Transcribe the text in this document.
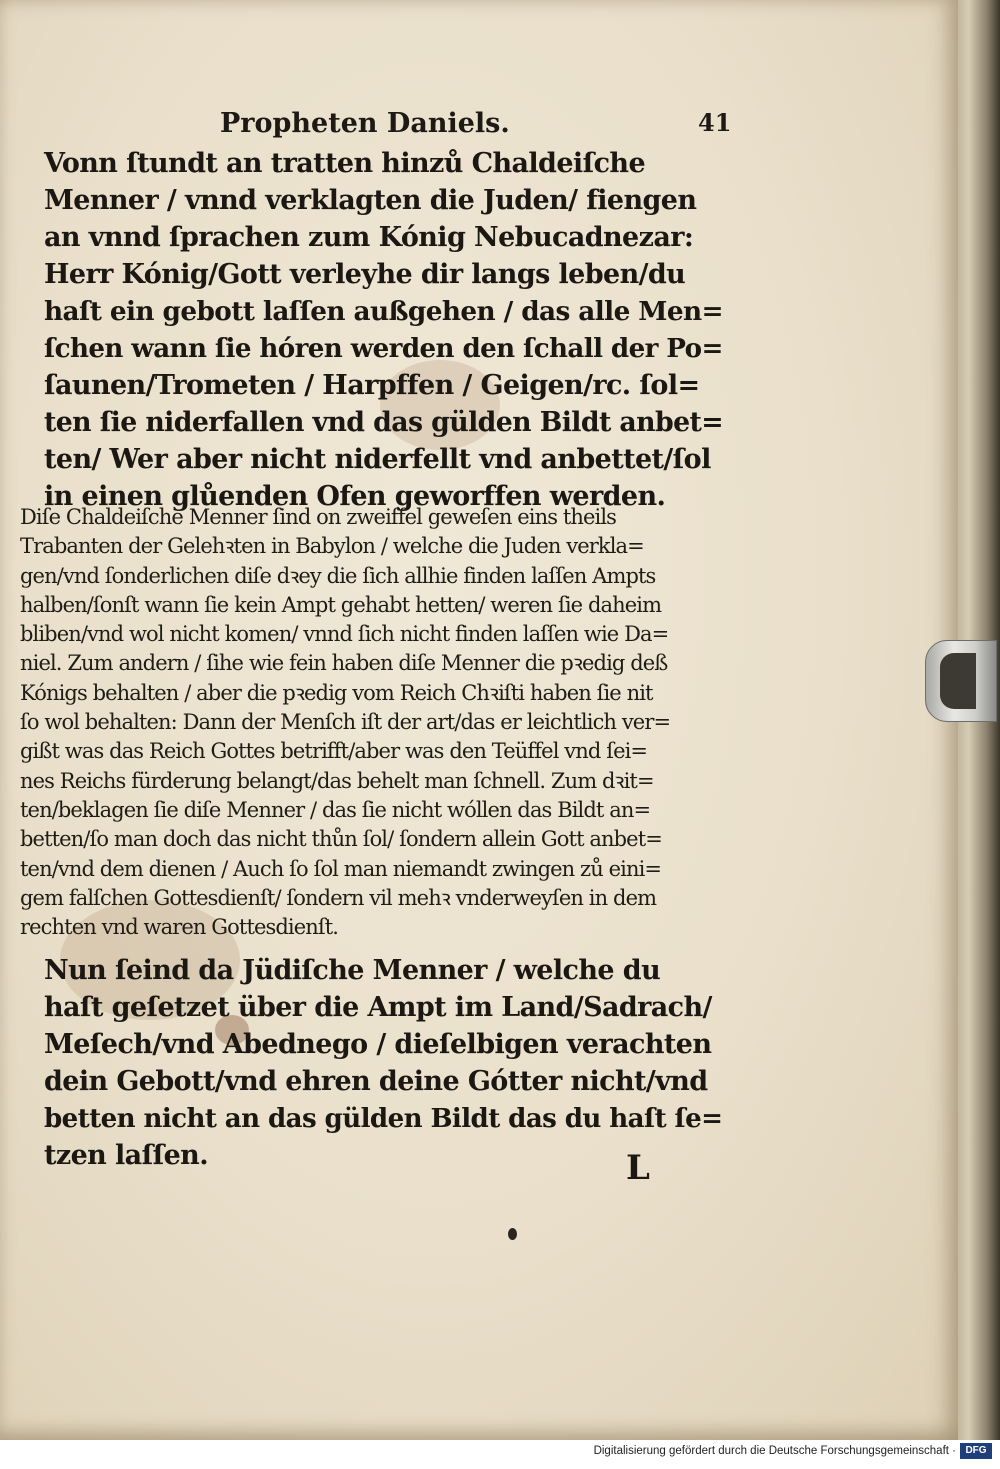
Propheten Daniels.	41
Vonn ſtundt an tratten hinzů Chaldeiſche
Menner / vnnd verklagten die Juden/ fiengen
an vnnd ſprachen zum Kónig Nebucadnezar:
Herr Kónig/Gott verleyhe dir langs leben/du
haſt ein gebott laſſen außgehen / das alle Men=
ſchen wann ſie hóren werden den ſchall der Po=
ſaunen/Trometen / Harpffen / Geigen/rc. ſol=
ten ſie niderfallen vnd das gülden Bildt anbet=
ten/ Wer aber nicht niderfellt vnd anbettet/ſol
in einen glůenden Ofen geworffen werden.
Diſe Chaldeiſche Menner ſind on zweiffel geweſen eins theils
Trabanten der Gelehꝛten in Babylon / welche die Juden verkla=
gen/vnd ſonderlichen diſe dꝛey die ſich allhie finden laſſen Ampts
halben/ſonſt wann ſie kein Ampt gehabt hetten/ weren ſie daheim
bliben/vnd wol nicht komen/ vnnd ſich nicht finden laſſen wie Da=
niel. Zum andern / ſihe wie fein haben diſe Menner die pꝛedig deß
Kónigs behalten / aber die pꝛedig vom Reich Chꝛiſti haben ſie nit
ſo wol behalten: Dann der Menſch iſt der art/das er leichtlich ver=
gißt was das Reich Gottes betrifft/aber was den Teüffel vnd ſei=
nes Reichs fürderung belangt/das behelt man ſchnell. Zum dꝛit=
ten/beklagen ſie diſe Menner / das ſie nicht wóllen das Bildt an=
betten/ſo man doch das nicht thůn ſol/ ſondern allein Gott anbet=
ten/vnd dem dienen / Auch ſo ſol man niemandt zwingen zů eini=
gem falſchen Gottesdienſt/ ſondern vil mehꝛ vnderweyſen in dem
rechten vnd waren Gottesdienſt.
Nun ſeind da Jüdiſche Menner / welche du
haſt geſetzet über die Ampt im Land/Sadrach/
Meſech/vnd Abednego / dieſelbigen verachten
dein Gebott/vnd ehren deine Gótter nicht/vnd
betten nicht an das gülden Bildt das du haſt ſe=
tzen laſſen.	L
Digitalisierung gefördert durch die Deutsche Forschungsgemeinschaft · DFG
